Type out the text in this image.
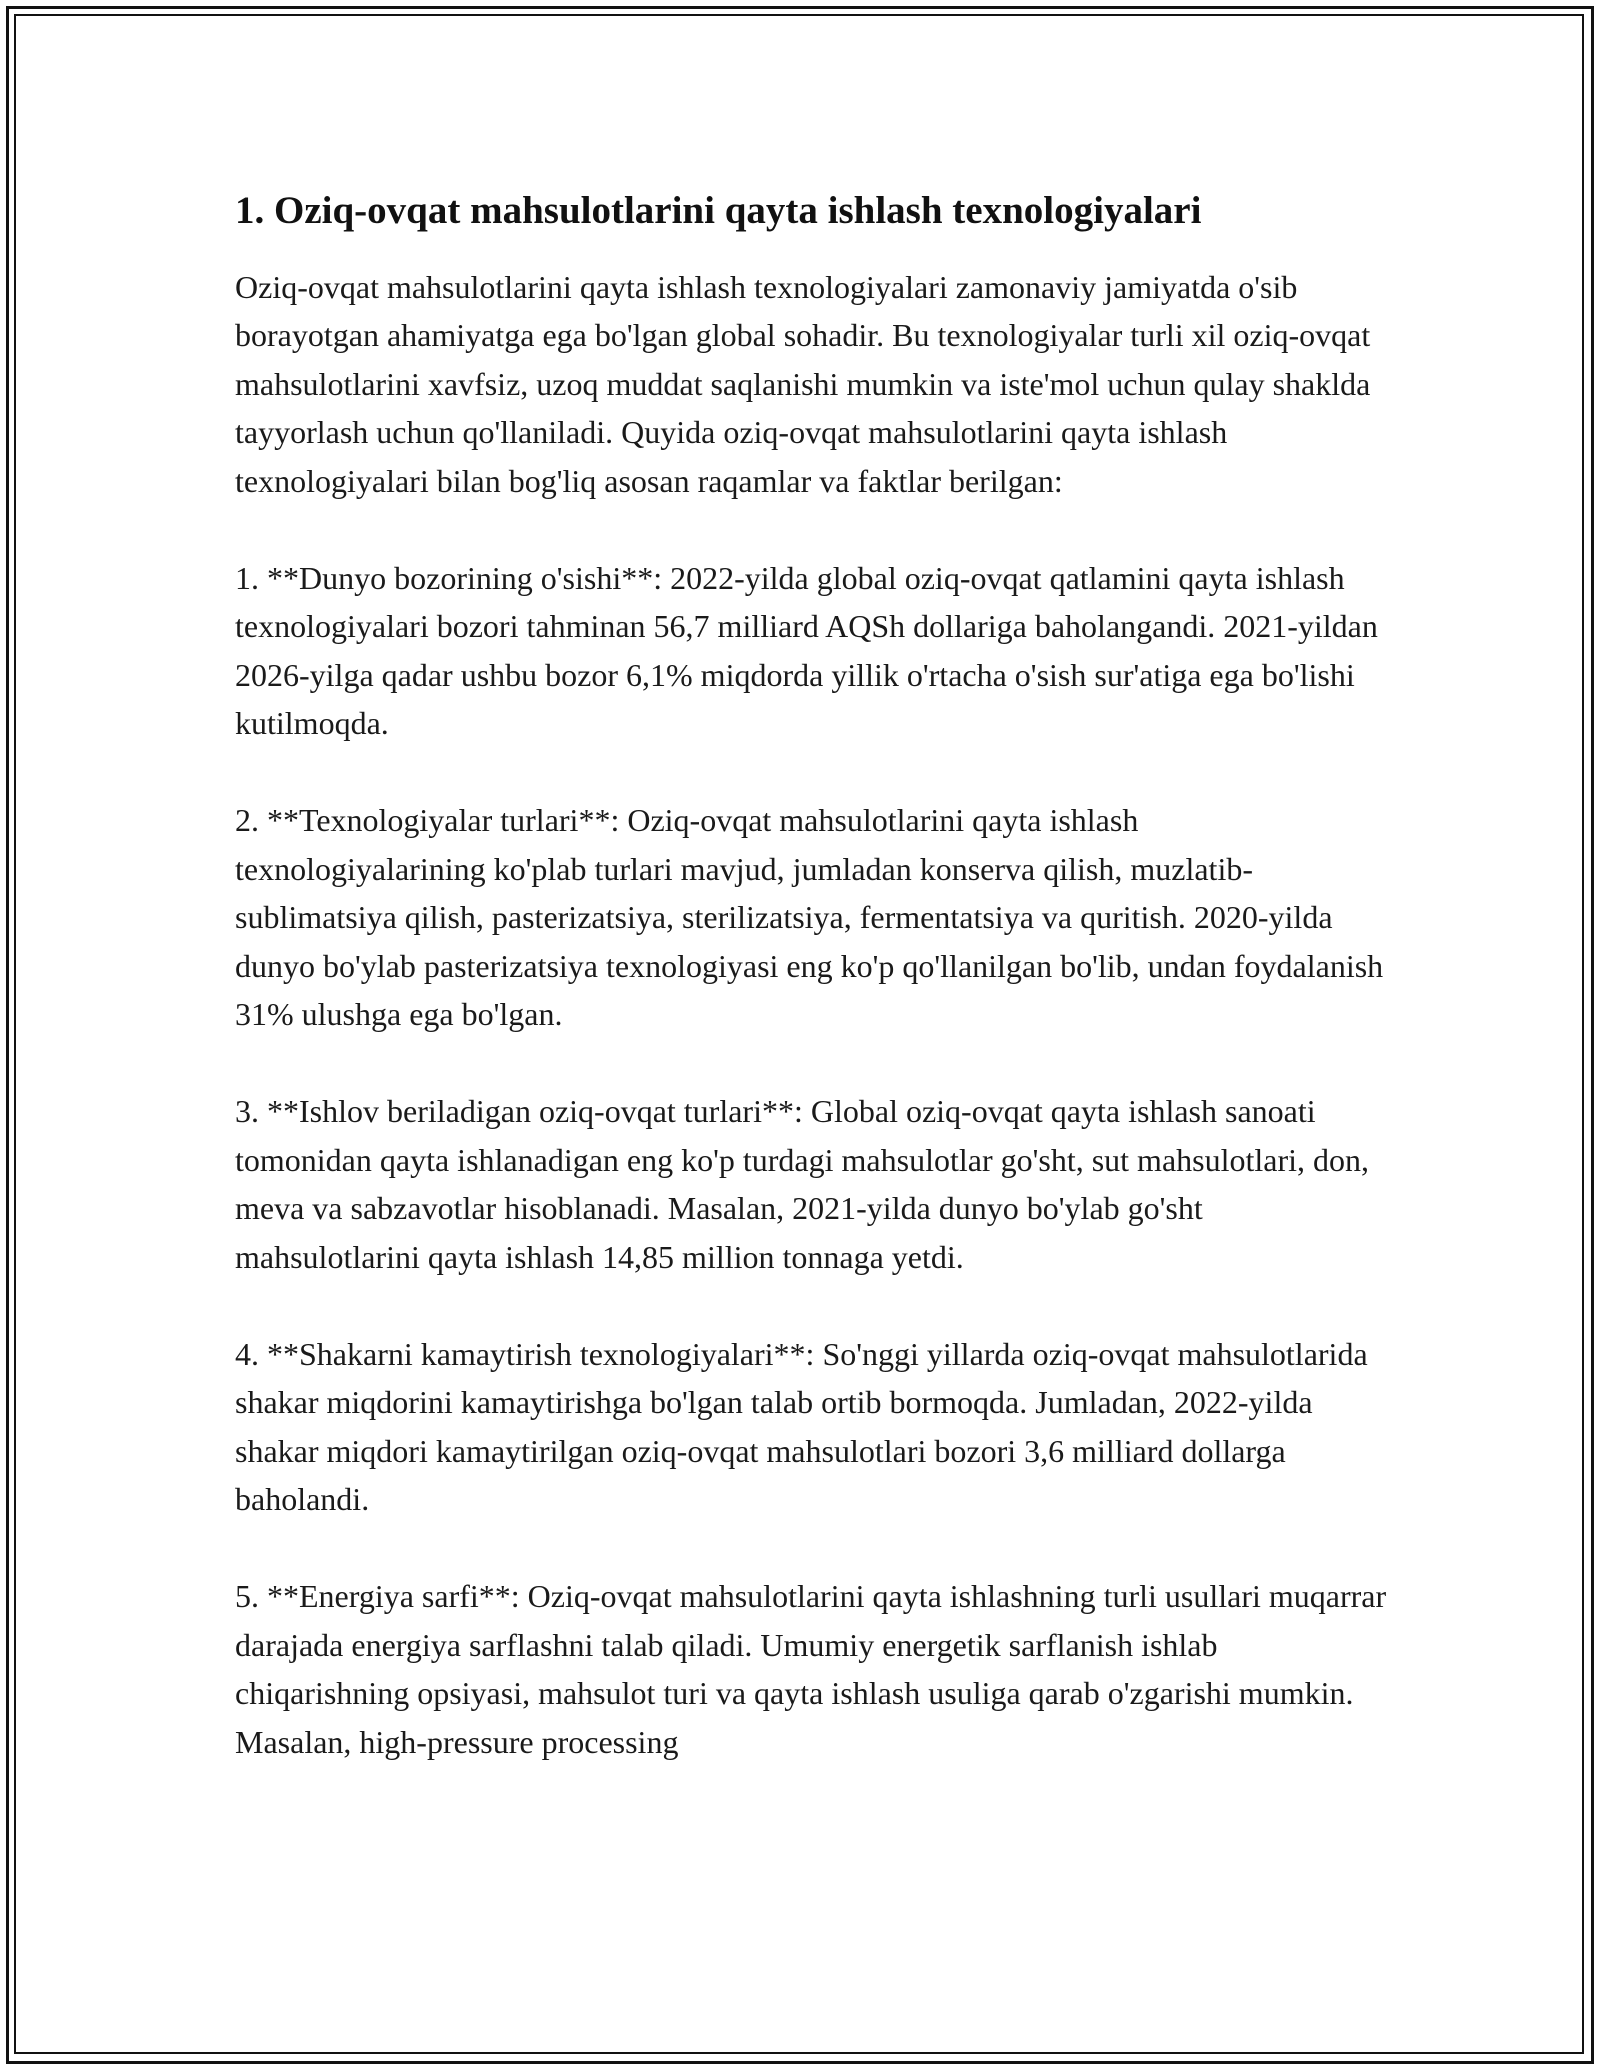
1. Oziq-ovqat mahsulotlarini qayta ishlash texnologiyalari

Oziq-ovqat mahsulotlarini qayta ishlash texnologiyalari zamonaviy jamiyatda o'sib borayotgan ahamiyatga ega bo'lgan global sohadir. Bu texnologiyalar turli xil oziq-ovqat mahsulotlarini xavfsiz, uzoq muddat saqlanishi mumkin va iste'mol uchun qulay shaklda tayyorlash uchun qo'llaniladi. Quyida oziq-ovqat mahsulotlarini qayta ishlash texnologiyalari bilan bog'liq asosan raqamlar va faktlar berilgan:

1. **Dunyo bozorining o'sishi**: 2022-yilda global oziq-ovqat qatlamini qayta ishlash texnologiyalari bozori tahminan 56,7 milliard AQSh dollariga baholangandi. 2021-yildan 2026-yilga qadar ushbu bozor 6,1% miqdorda yillik o'rtacha o'sish sur'atiga ega bo'lishi kutilmoqda.

2. **Texnologiyalar turlari**: Oziq-ovqat mahsulotlarini qayta ishlash texnologiyalarining ko'plab turlari mavjud, jumladan konserva qilish, muzlatib-sublimatsiya qilish, pasterizatsiya, sterilizatsiya, fermentatsiya va quritish. 2020-yilda dunyo bo'ylab pasterizatsiya texnologiyasi eng ko'p qo'llanilgan bo'lib, undan foydalanish 31% ulushga ega bo'lgan.

3. **Ishlov beriladigan oziq-ovqat turlari**: Global oziq-ovqat qayta ishlash sanoati tomonidan qayta ishlanadigan eng ko'p turdagi mahsulotlar go'sht, sut mahsulotlari, don, meva va sabzavotlar hisoblanadi. Masalan, 2021-yilda dunyo bo'ylab go'sht mahsulotlarini qayta ishlash 14,85 million tonnaga yetdi.

4. **Shakarni kamaytirish texnologiyalari**: So'nggi yillarda oziq-ovqat mahsulotlarida shakar miqdorini kamaytirishga bo'lgan talab ortib bormoqda. Jumladan, 2022-yilda shakar miqdori kamaytirilgan oziq-ovqat mahsulotlari bozori 3,6 milliard dollarga baholandi.

5. **Energiya sarfi**: Oziq-ovqat mahsulotlarini qayta ishlashning turli usullari muqarrar darajada energiya sarflashni talab qiladi. Umumiy energetik sarflanish ishlab chiqarishning opsiyasi, mahsulot turi va qayta ishlash usuliga qarab o'zgarishi mumkin. Masalan, high-pressure processing
